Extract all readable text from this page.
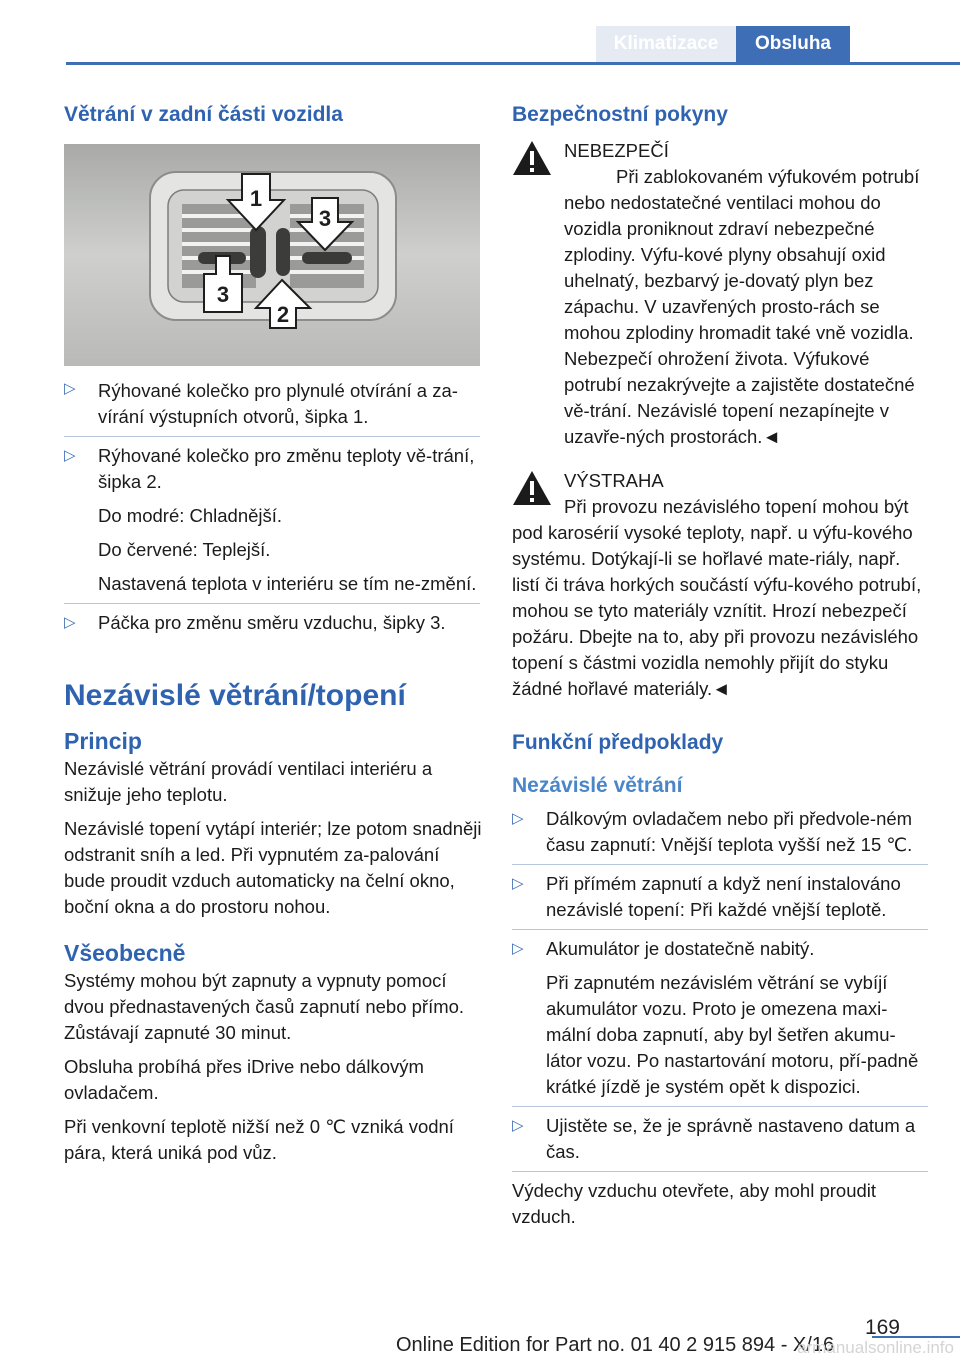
Klimatizace	Obsluha
Větrání v zadní části vozidla
1
2
3
3
▷ Rýhované kolečko pro plynulé otvírání a za‐vírání výstupních otvorů, šipka 1.
▷ Rýhované kolečko pro změnu teploty vě‐trání, šipka 2.

Do modré: Chladnější.

Do červené: Teplejší.

Nastavená teplota v interiéru se tím ne‐změní.

▷ Páčka pro změnu směru vzduchu, šipky 3.
Nezávislé větrání/topení
Princip

Nezávislé větrání provádí ventilaci interiéru a snižuje jeho teplotu.

Nezávislé topení vytápí interiér; lze potom snadněji odstranit sníh a led. Při vypnutém za‐palování bude proudit vzduch automaticky na čelní okno, boční okna a do prostoru nohou.

Všeobecně

Systémy mohou být zapnuty a vypnuty pomocí dvou přednastavených časů zapnutí nebo přímo. Zůstávají zapnuté 30 minut.

Obsluha probíhá přes iDrive nebo dálkovým ovladačem.

Při venkovní teplotě nižší než 0 ℃ vzniká vodní pára, která uniká pod vůz.

Bezpečnostní pokyny

NEBEZPEČÍ

Při zablokovaném výfukovém potrubí nebo nedostatečné ventilaci mohou do vozidla proniknout zdraví nebezpečné zplodiny. Výfu‐kové plyny obsahují oxid uhelnatý, bezbarvý je‐dovatý plyn bez zápachu. V uzavřených prosto‐rách se mohou zplodiny hromadit také vně vozidla. Nebezpečí ohrožení života. Výfukové potrubí nezakrývejte a zajistěte dostatečné vě‐trání. Nezávislé topení nezapínejte v uzavře‐ných prostorách.◄

VÝSTRAHA

Při provozu nezávislého topení mohou být pod karosérií vysoké teploty, např. u výfu‐kového systému. Dotýkají-li se hořlavé mate‐riály, např. listí či tráva horkých součástí výfu‐kového potrubí, mohou se tyto materiály vznítit. Hrozí nebezpečí požáru. Dbejte na to, aby při provozu nezávislého topení s částmi vozidla nemohly přijít do styku žádné hořlavé materiály.◄

Funkční předpoklady
Nezávislé větrání
▷ Dálkovým ovladačem nebo při předvole‐ném času zapnutí: Vnější teplota vyšší než 15 ℃.
▷ Při přímém zapnutí a když není instalováno nezávislé topení: Při každé vnější teplotě.
▷ Akumulátor je dostatečně nabitý.

Při zapnutém nezávislém větrání se vybíjí akumulátor vozu. Proto je omezena maxi‐mální doba zapnutí, aby byl šetřen akumu‐látor vozu. Po nastartování motoru, pří‐padně krátké jízdě je systém opět k dispozici.

▷ Ujistěte se, že je správně nastaveno datum a čas.

Výdechy vzduchu otevřete, aby mohl proudit vzduch.

169
Online Edition for Part no. 01 40 2 915 894 - X/16
armanualsonline.info
